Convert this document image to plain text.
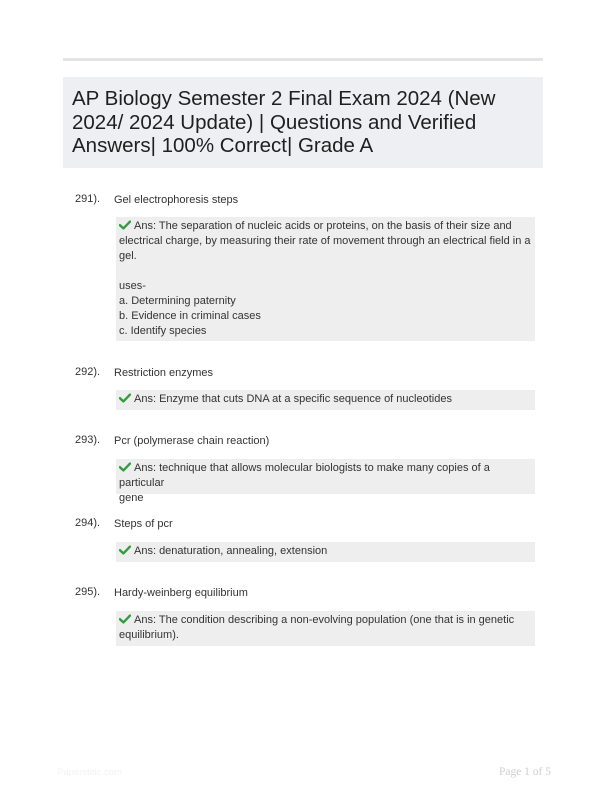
AP Biology Semester 2 Final Exam 2024 (New
2024/ 2024 Update) | Questions and Verified
Answers| 100% Correct| Grade A
291). Gel electrophoresis steps
Ans: The separation of nucleic acids or proteins, on the basis of their size and
electrical charge, by measuring their rate of movement through an electrical field in a
gel.

uses-
a. Determining paternity
b. Evidence in criminal cases
c. Identify species
292). Restriction enzymes
Ans: Enzyme that cuts DNA at a specific sequence of nucleotides
293). Pcr (polymerase chain reaction)
Ans: technique that allows molecular biologists to make many copies of a particular
gene
294). Steps of pcr
Ans: denaturation, annealing, extension
295). Hardy-weinberg equilibrium
Ans: The condition describing a non-evolving population (one that is in genetic
equilibrium).
Paperstitic.com	Page 1 of 5
